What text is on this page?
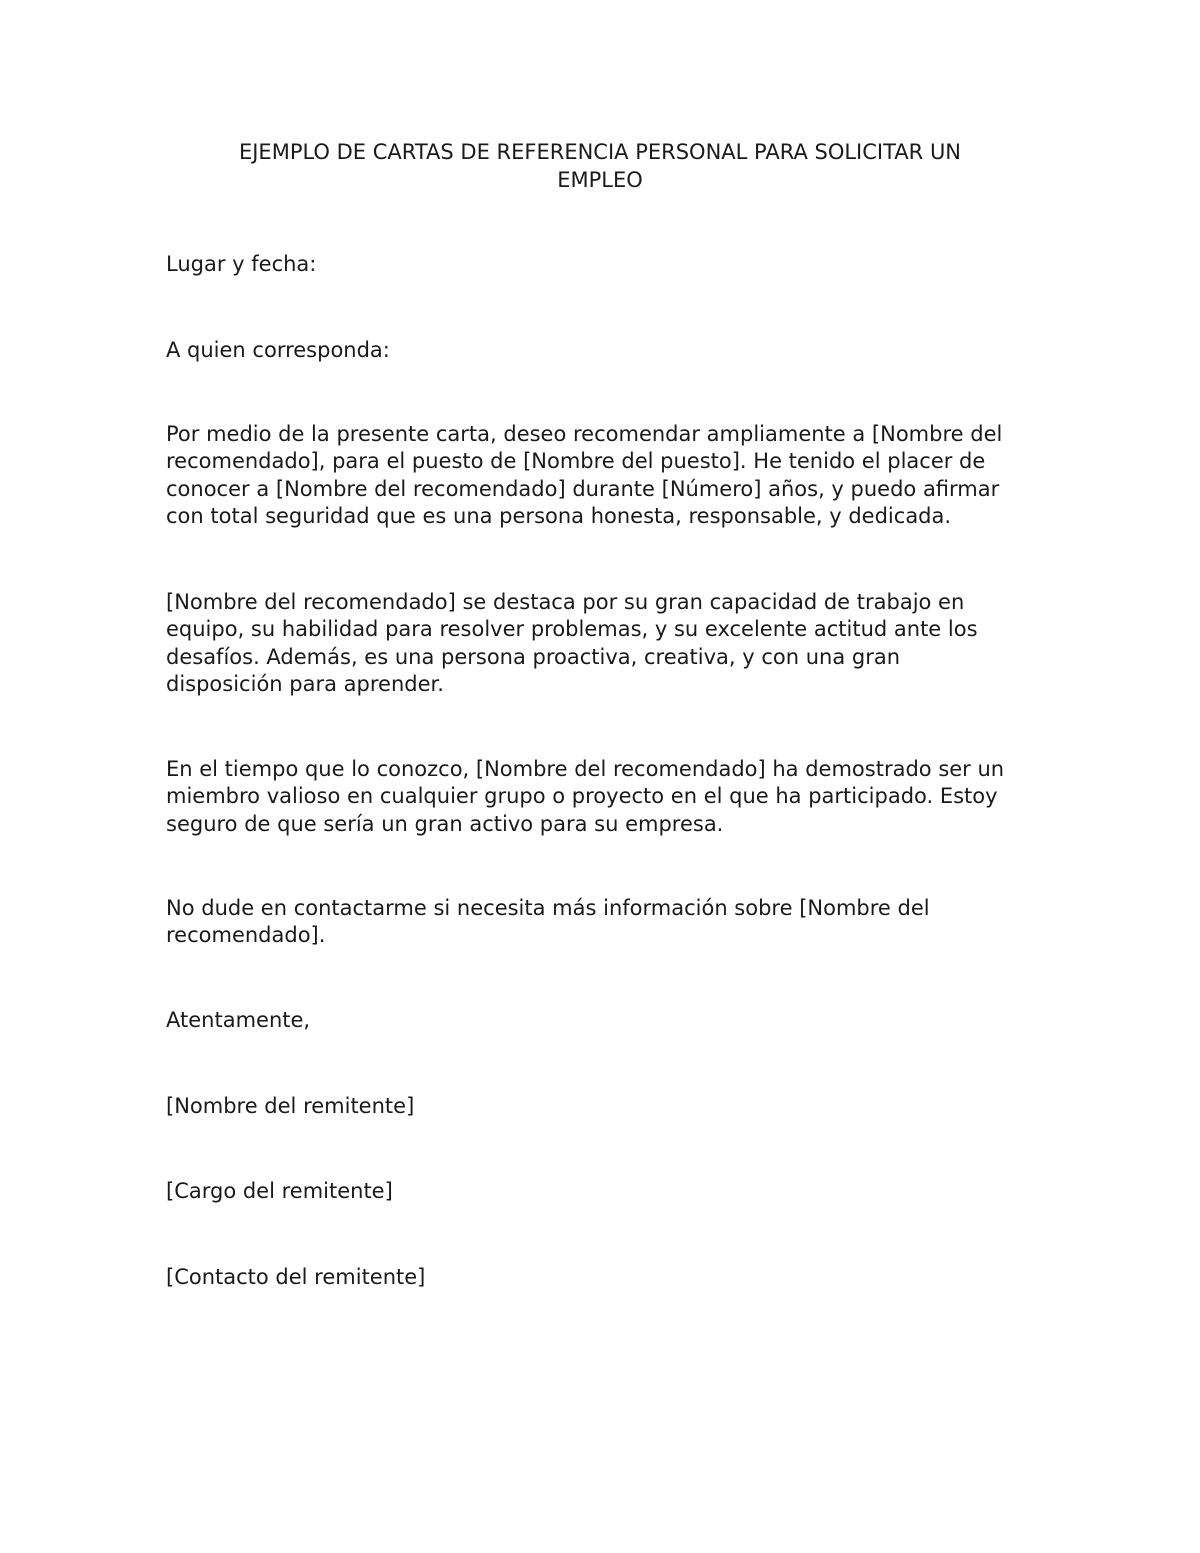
EJEMPLO DE CARTAS DE REFERENCIA PERSONAL PARA SOLICITAR UN
EMPLEO

Lugar y fecha:

A quien corresponda:

Por medio de la presente carta, deseo recomendar ampliamente a [Nombre del
recomendado], para el puesto de [Nombre del puesto]. He tenido el placer de
conocer a [Nombre del recomendado] durante [Número] años, y puedo afirmar
con total seguridad que es una persona honesta, responsable, y dedicada.
[Nombre del recomendado] se destaca por su gran capacidad de trabajo en
equipo, su habilidad para resolver problemas, y su excelente actitud ante los
desafíos. Además, es una persona proactiva, creativa, y con una gran
disposición para aprender.
En el tiempo que lo conozco, [Nombre del recomendado] ha demostrado ser un
miembro valioso en cualquier grupo o proyecto en el que ha participado. Estoy
seguro de que sería un gran activo para su empresa.
No dude en contactarme si necesita más información sobre [Nombre del
recomendado].

Atentamente,

[Nombre del remitente]

[Cargo del remitente]

[Contacto del remitente]
